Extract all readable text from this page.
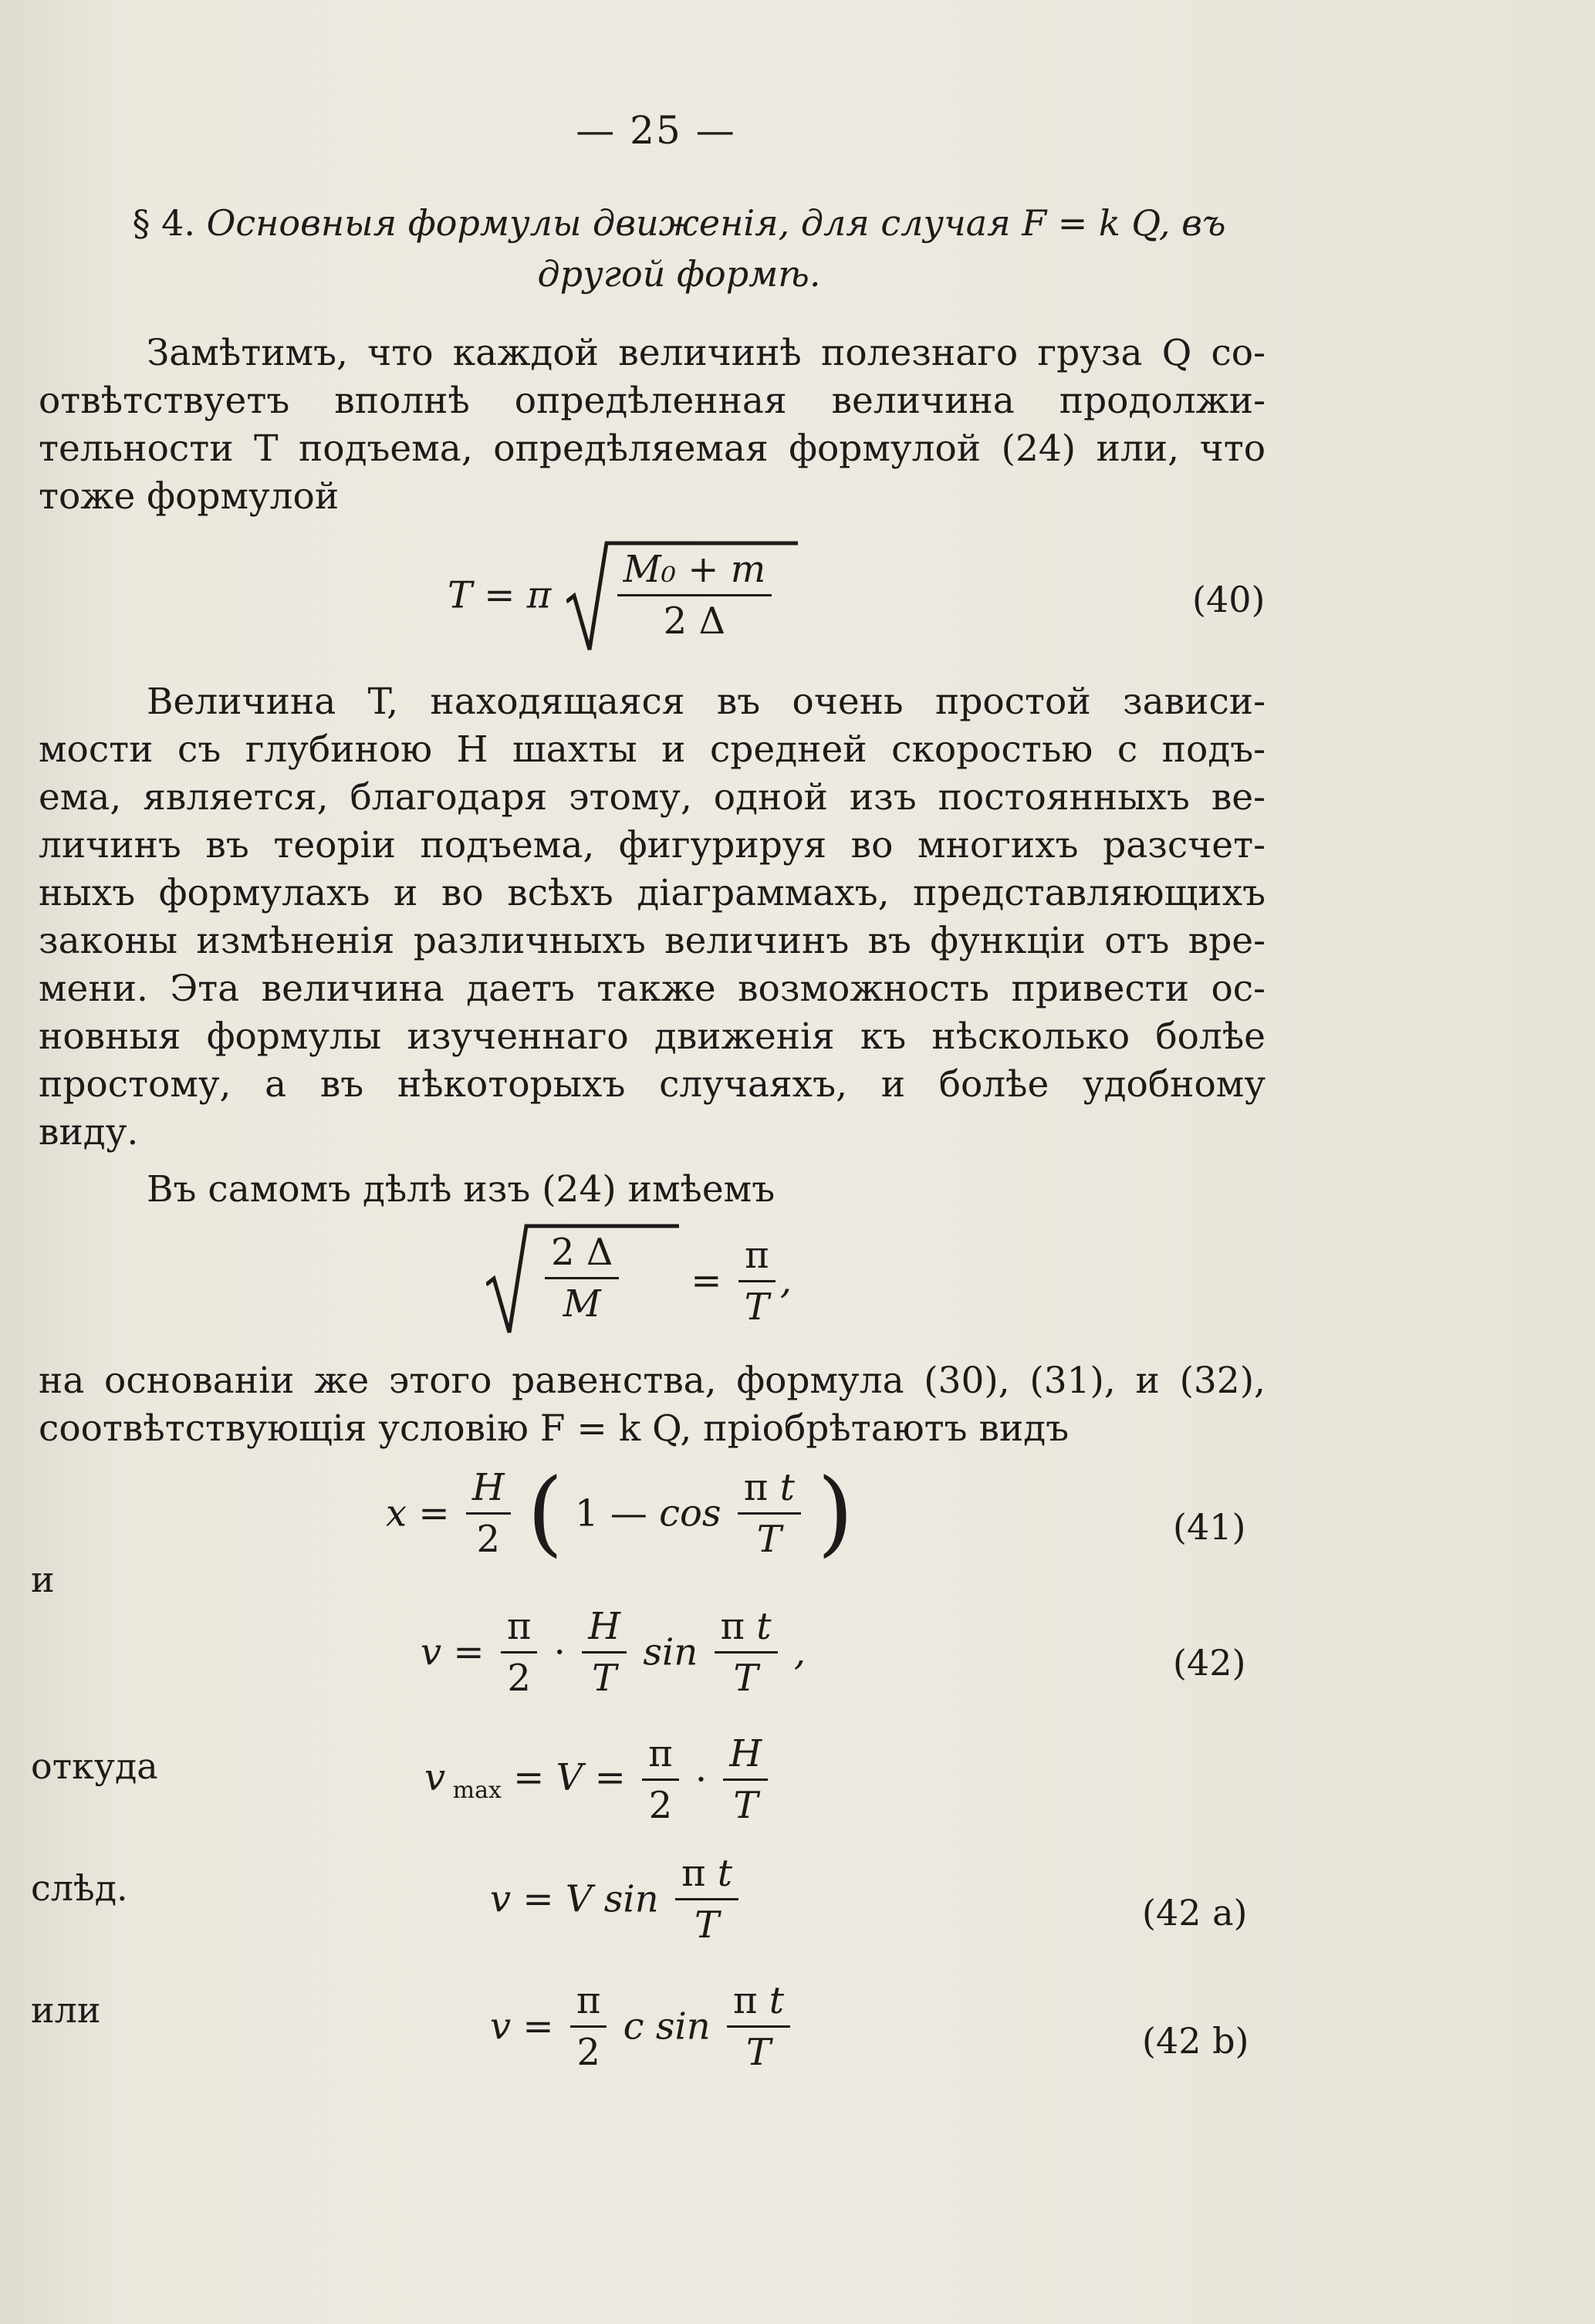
— 25 —
§ 4. Основныя формулы движенія, для случая F = k Q, въ
другой формѣ.
Замѣтимъ, что каждой величинѣ полезнаго груза Q со-
отвѣтствуетъ вполнѣ опредѣленная величина продолжи-
тельности T подъема, опредѣляемая формулой (24) или, что
тоже формулой
T = π $\frac{\text{M₀ + m}}{2 \Delta}$	(40)
Величина T, находящаяся въ очень простой зависи-
мости съ глубиною H шахты и средней скоростью c подъ-
ема, является, благодаря этому, одной изъ постоянныхъ ве-
личинъ въ теоріи подъема, фигурируя во многихъ разсчет-
ныхъ формулахъ и во всѣхъ діаграммахъ, представляющихъ
законы измѣненія различныхъ величинъ въ функціи отъ вре-
мени. Эта величина даетъ также возможность привести ос-
новныя формулы изученнаго движенія къ нѣсколько болѣе
простому, а въ нѣкоторыхъ случаяхъ, и болѣе удобному
виду.
Въ самомъ дѣлѣ изъ (24) имѣемъ
$\frac{2 \Delta}{M} = \frac{\pi}{T}$ ,
на основаніи же этого равенства, формула (30), (31), и (32),
соотвѣтствующія условію F = k Q, пріобрѣтаютъ видъ
$x = \frac{H}{2}$ ( 1 — $\cos \frac{\text{π t}}{T}$ )	(41)
и
$v = \frac{\pi}{2} \cdot \frac{H}{T}$ $\sin \frac{\text{π t}}{T}$ ,	(42)
откуда	v $_{max} = V = \frac{\pi}{2} \cdot \frac{H}{T}$
слѣд.	v = V $\sin \frac{\text{π t}}{T}$	(42 a)
или	$v = \frac{\pi}{2}$ c $\sin \frac{\text{π t}}{T}$	(42 b)
